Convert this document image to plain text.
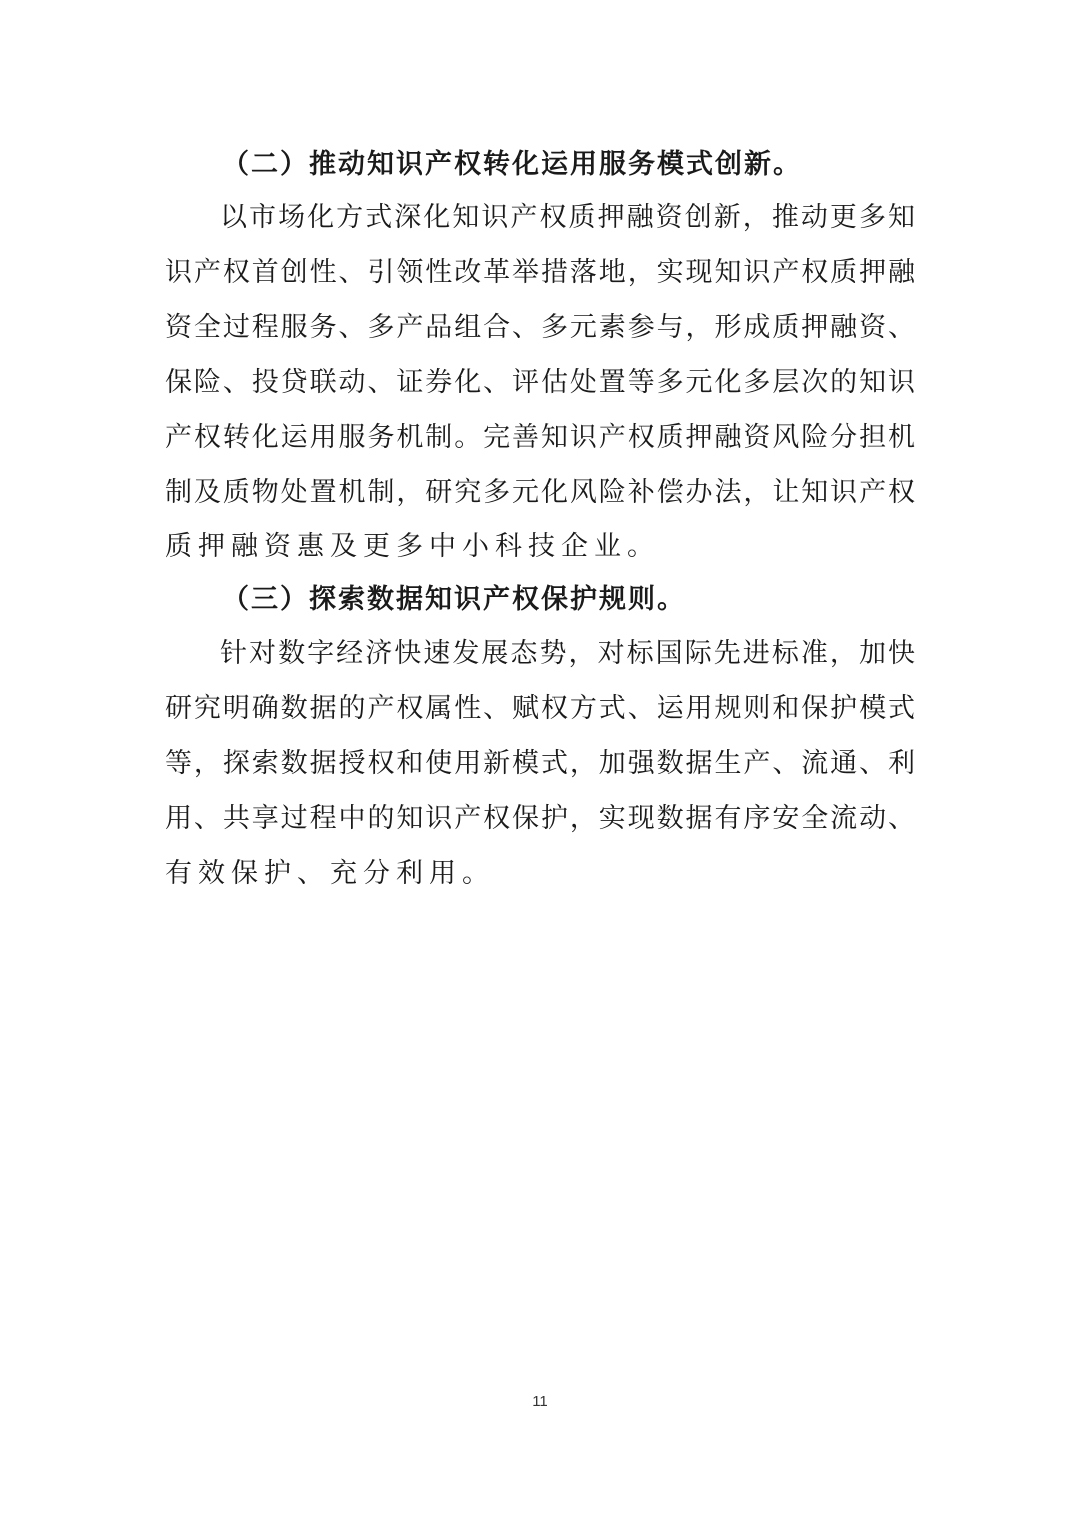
（二）推动知识产权转化运用服务模式创新。
以市场化方式深化知识产权质押融资创新，推动更多知
识产权首创性、引领性改革举措落地，实现知识产权质押融
资全过程服务、多产品组合、多元素参与，形成质押融资、
保险、投贷联动、证券化、评估处置等多元化多层次的知识
产权转化运用服务机制。完善知识产权质押融资风险分担机
制及质物处置机制，研究多元化风险补偿办法，让知识产权
质押融资惠及更多中小科技企业。
（三）探索数据知识产权保护规则。
针对数字经济快速发展态势，对标国际先进标准，加快
研究明确数据的产权属性、赋权方式、运用规则和保护模式
等，探索数据授权和使用新模式，加强数据生产、流通、利
用、共享过程中的知识产权保护，实现数据有序安全流动、
有效保护、充分利用。
11
